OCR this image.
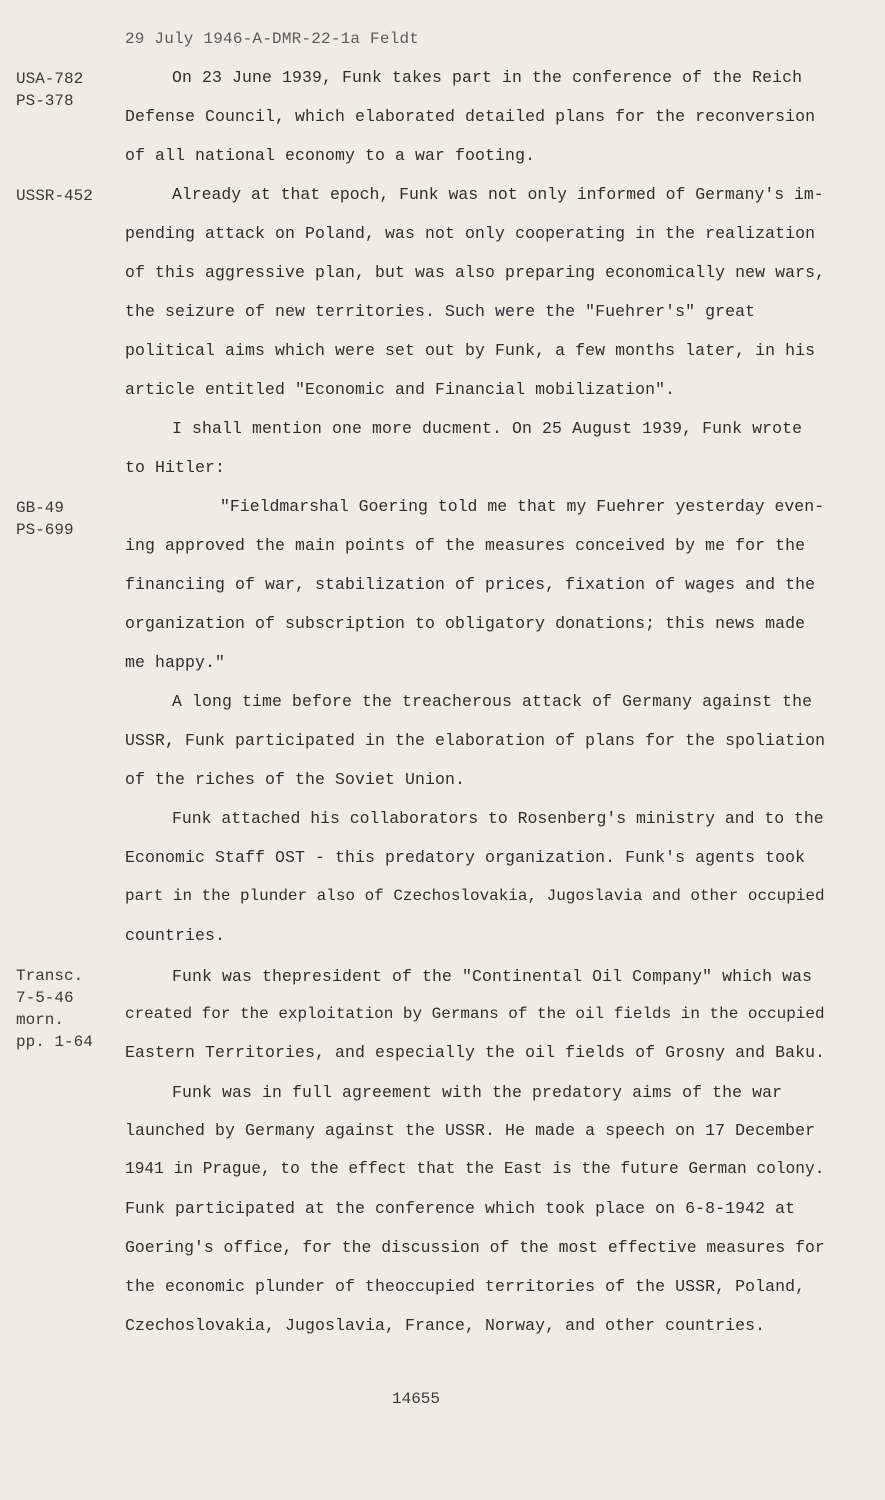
29 July 1946-A-DMR-22-1a Feldt
USA-782
PS-378
USSR-452
GB-49
PS-699
Transc.
7-5-46
morn.
pp. 1-64
On 23 June 1939, Funk takes part in the conference of the Reich
Defense Council, which elaborated detailed plans for the reconversion
of all national economy to a war footing.
Already at that epoch, Funk was not only informed of Germany's im-
pending attack on Poland, was not only cooperating in the realization
of this aggressive plan, but was also preparing economically new wars,
the seizure of new territories. Such were the "Fuehrer's" great
political aims which were set out by Funk, a few months later, in his
article entitled "Economic and Financial mobilization".
I shall mention one more ducment. On 25 August 1939, Funk wrote
to Hitler:
"Fieldmarshal Goering told me that my Fuehrer yesterday even-
ing approved the main points of the measures conceived by me for the
financiing of war, stabilization of prices, fixation of wages and the
organization of subscription to obligatory donations; this news made
me happy."
A long time before the treacherous attack of Germany against the
USSR, Funk participated in the elaboration of plans for the spoliation
of the riches of the Soviet Union.
Funk attached his collaborators to Rosenberg's ministry and to the
Economic Staff OST - this predatory organization. Funk's agents took
part in the plunder also of Czechoslovakia, Jugoslavia and other occupied
countries.
Funk was thepresident of the "Continental Oil Company" which was
created for the exploitation by Germans of the oil fields in the occupied
Eastern Territories, and especially the oil fields of Grosny and Baku.
Funk was in full agreement with the predatory aims of the war
launched by Germany against the USSR. He made a speech on 17 December
1941 in Prague, to the effect that the East is the future German colony.
Funk participated at the conference which took place on 6-8-1942 at
Goering's office, for the discussion of the most effective measures for
the economic plunder of theoccupied territories of the USSR, Poland,
Czechoslovakia, Jugoslavia, France, Norway, and other countries.
14655
